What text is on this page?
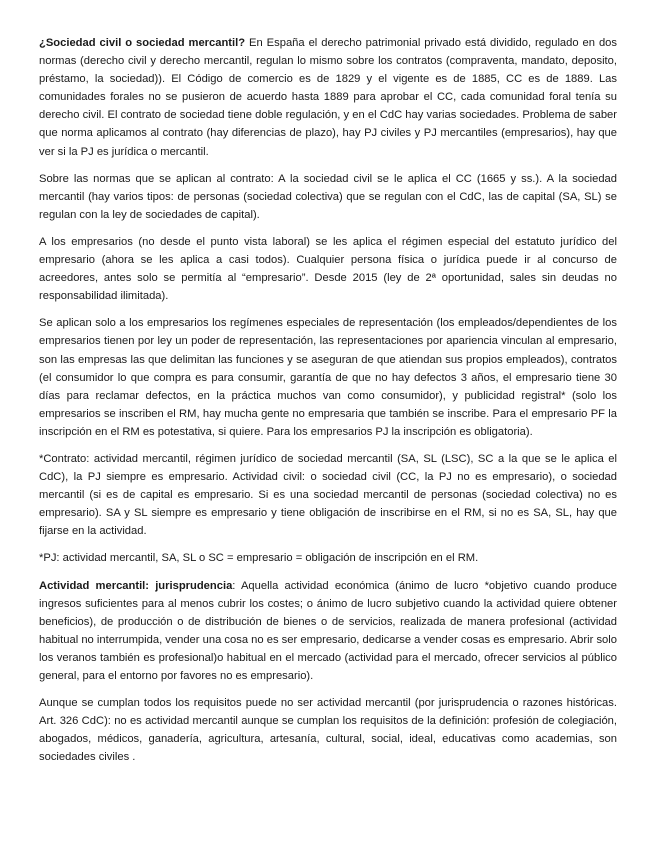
¿Sociedad civil o sociedad mercantil? En España el derecho patrimonial privado está dividido, regulado en dos normas (derecho civil y derecho mercantil, regulan lo mismo sobre los contratos (compraventa, mandato, deposito, préstamo, la sociedad)). El Código de comercio es de 1829 y el vigente es de 1885, CC es de 1889. Las comunidades forales no se pusieron de acuerdo hasta 1889 para aprobar el CC, cada comunidad foral tenía su derecho civil. El contrato de sociedad tiene doble regulación, y en el CdC hay varias sociedades. Problema de saber que norma aplicamos al contrato (hay diferencias de plazo), hay PJ civiles y PJ mercantiles (empresarios), hay que ver si la PJ es jurídica o mercantil.

Sobre las normas que se aplican al contrato: A la sociedad civil se le aplica el CC (1665 y ss.). A la sociedad mercantil (hay varios tipos: de personas (sociedad colectiva) que se regulan con el CdC, las de capital (SA, SL) se regulan con la ley de sociedades de capital).

A los empresarios (no desde el punto vista laboral) se les aplica el régimen especial del estatuto jurídico del empresario (ahora se les aplica a casi todos). Cualquier persona física o jurídica puede ir al concurso de acreedores, antes solo se permitía al “empresario”. Desde 2015 (ley de 2ª oportunidad, sales sin deudas no responsabilidad ilimitada).

Se aplican solo a los empresarios los regímenes especiales de representación (los empleados/dependientes de los empresarios tienen por ley un poder de representación, las representaciones por apariencia vinculan al empresario, son las empresas las que delimitan las funciones y se aseguran de que atiendan sus propios empleados), contratos (el consumidor lo que compra es para consumir, garantía de que no hay defectos 3 años, el empresario tiene 30 días para reclamar defectos, en la práctica muchos van como consumidor), y publicidad registral* (solo los empresarios se inscriben el RM, hay mucha gente no empresaria que también se inscribe. Para el empresario PF la inscripción en el RM es potestativa, si quiere. Para los empresarios PJ la inscripción es obligatoria).

*Contrato: actividad mercantil, régimen jurídico de sociedad mercantil (SA, SL (LSC), SC a la que se le aplica el CdC), la PJ siempre es empresario. Actividad civil: o sociedad civil (CC, la PJ no es empresario), o sociedad mercantil (si es de capital es empresario. Si es una sociedad mercantil de personas (sociedad colectiva) no es empresario). SA y SL siempre es empresario y tiene obligación de inscribirse en el RM, si no es SA, SL, hay que fijarse en la actividad.

*PJ: actividad mercantil, SA, SL o SC = empresario = obligación de inscripción en el RM.

Actividad mercantil: jurisprudencia: Aquella actividad económica (ánimo de lucro *objetivo cuando produce ingresos suficientes para al menos cubrir los costes; o ánimo de lucro subjetivo cuando la actividad quiere obtener beneficios), de producción o de distribución de bienes o de servicios, realizada de manera profesional (actividad habitual no interrumpida, vender una cosa no es ser empresario, dedicarse a vender cosas es empresario. Abrir solo los veranos también es profesional)o habitual en el mercado (actividad para el mercado, ofrecer servicios al público general, para el entorno por favores no es empresario).

Aunque se cumplan todos los requisitos puede no ser actividad mercantil (por jurisprudencia o razones históricas. Art. 326 CdC): no es actividad mercantil aunque se cumplan los requisitos de la definición: profesión de colegiación, abogados, médicos, ganadería, agricultura, artesanía, cultural, social, ideal, educativas como academias, son sociedades civiles .
